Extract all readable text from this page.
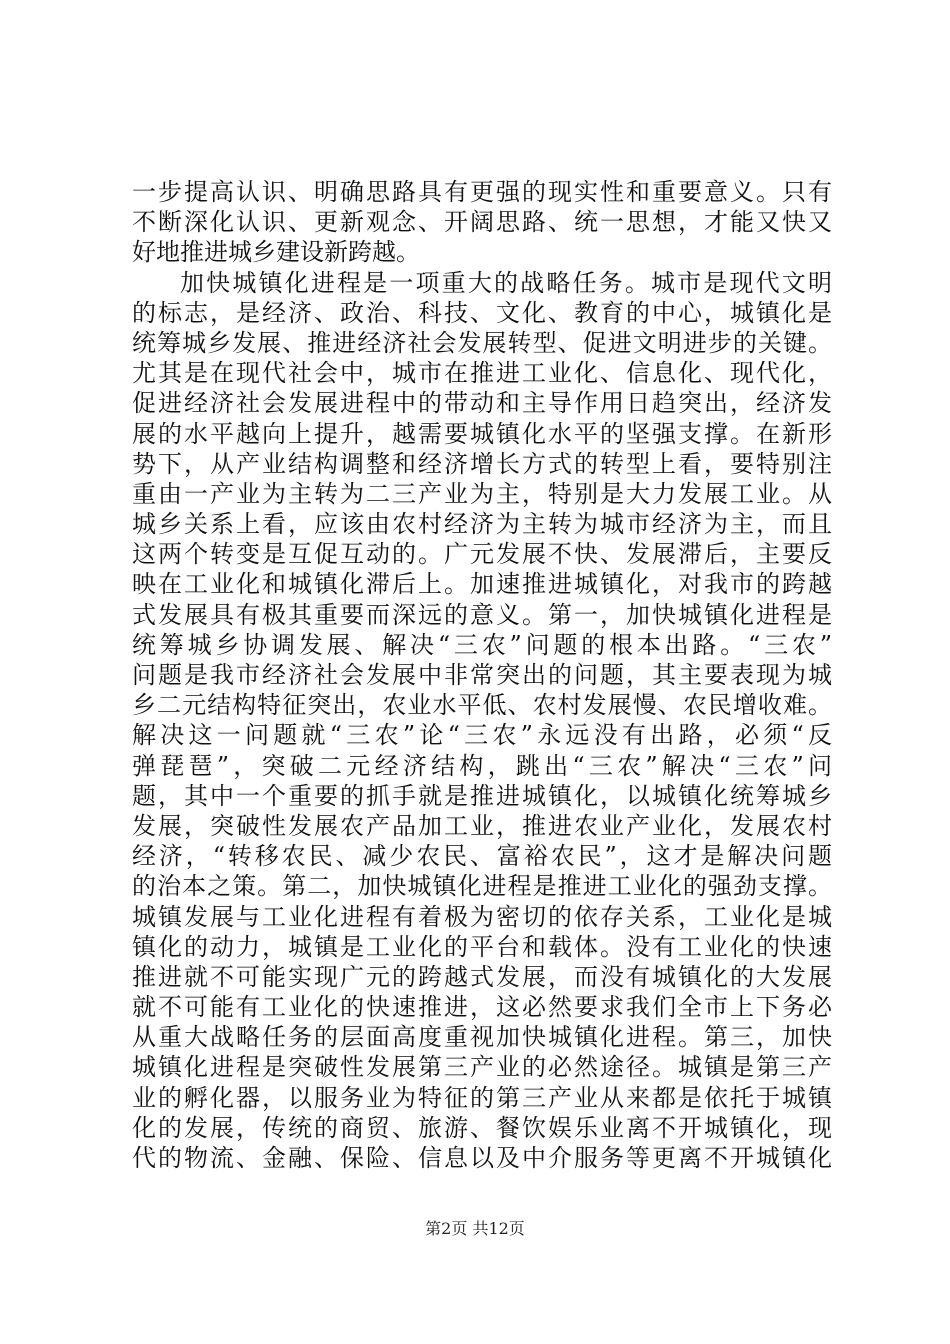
一步提高认识、明确思路具有更强的现实性和重要意义。只有
不断深化认识、更新观念、开阔思路、统一思想，才能又快又
好地推进城乡建设新跨越。
加快城镇化进程是一项重大的战略任务。城市是现代文明
的标志，是经济、政治、科技、文化、教育的中心，城镇化是
统筹城乡发展、推进经济社会发展转型、促进文明进步的关键。
尤其是在现代社会中，城市在推进工业化、信息化、现代化，
促进经济社会发展进程中的带动和主导作用日趋突出，经济发
展的水平越向上提升，越需要城镇化水平的坚强支撑。在新形
势下，从产业结构调整和经济增长方式的转型上看，要特别注
重由一产业为主转为二三产业为主，特别是大力发展工业。从
城乡关系上看，应该由农村经济为主转为城市经济为主，而且
这两个转变是互促互动的。广元发展不快、发展滞后，主要反
映在工业化和城镇化滞后上。加速推进城镇化，对我市的跨越
式发展具有极其重要而深远的意义。第一，加快城镇化进程是
统筹城乡协调发展、解决“三农”问题的根本出路。“三农”
问题是我市经济社会发展中非常突出的问题，其主要表现为城
乡二元结构特征突出，农业水平低、农村发展慢、农民增收难。
解决这一问题就“三农”论“三农”永远没有出路，必须“反
弹琵琶”，突破二元经济结构，跳出“三农”解决“三农”问
题，其中一个重要的抓手就是推进城镇化，以城镇化统筹城乡
发展，突破性发展农产品加工业，推进农业产业化，发展农村
经济，“转移农民、减少农民、富裕农民”，这才是解决问题
的治本之策。第二，加快城镇化进程是推进工业化的强劲支撑。
城镇发展与工业化进程有着极为密切的依存关系，工业化是城
镇化的动力，城镇是工业化的平台和载体。没有工业化的快速
推进就不可能实现广元的跨越式发展，而没有城镇化的大发展
就不可能有工业化的快速推进，这必然要求我们全市上下务必
从重大战略任务的层面高度重视加快城镇化进程。第三，加快
城镇化进程是突破性发展第三产业的必然途径。城镇是第三产
业的孵化器，以服务业为特征的第三产业从来都是依托于城镇
化的发展，传统的商贸、旅游、餐饮娱乐业离不开城镇化，现
代的物流、金融、保险、信息以及中介服务等更离不开城镇化
第2页 共12页
